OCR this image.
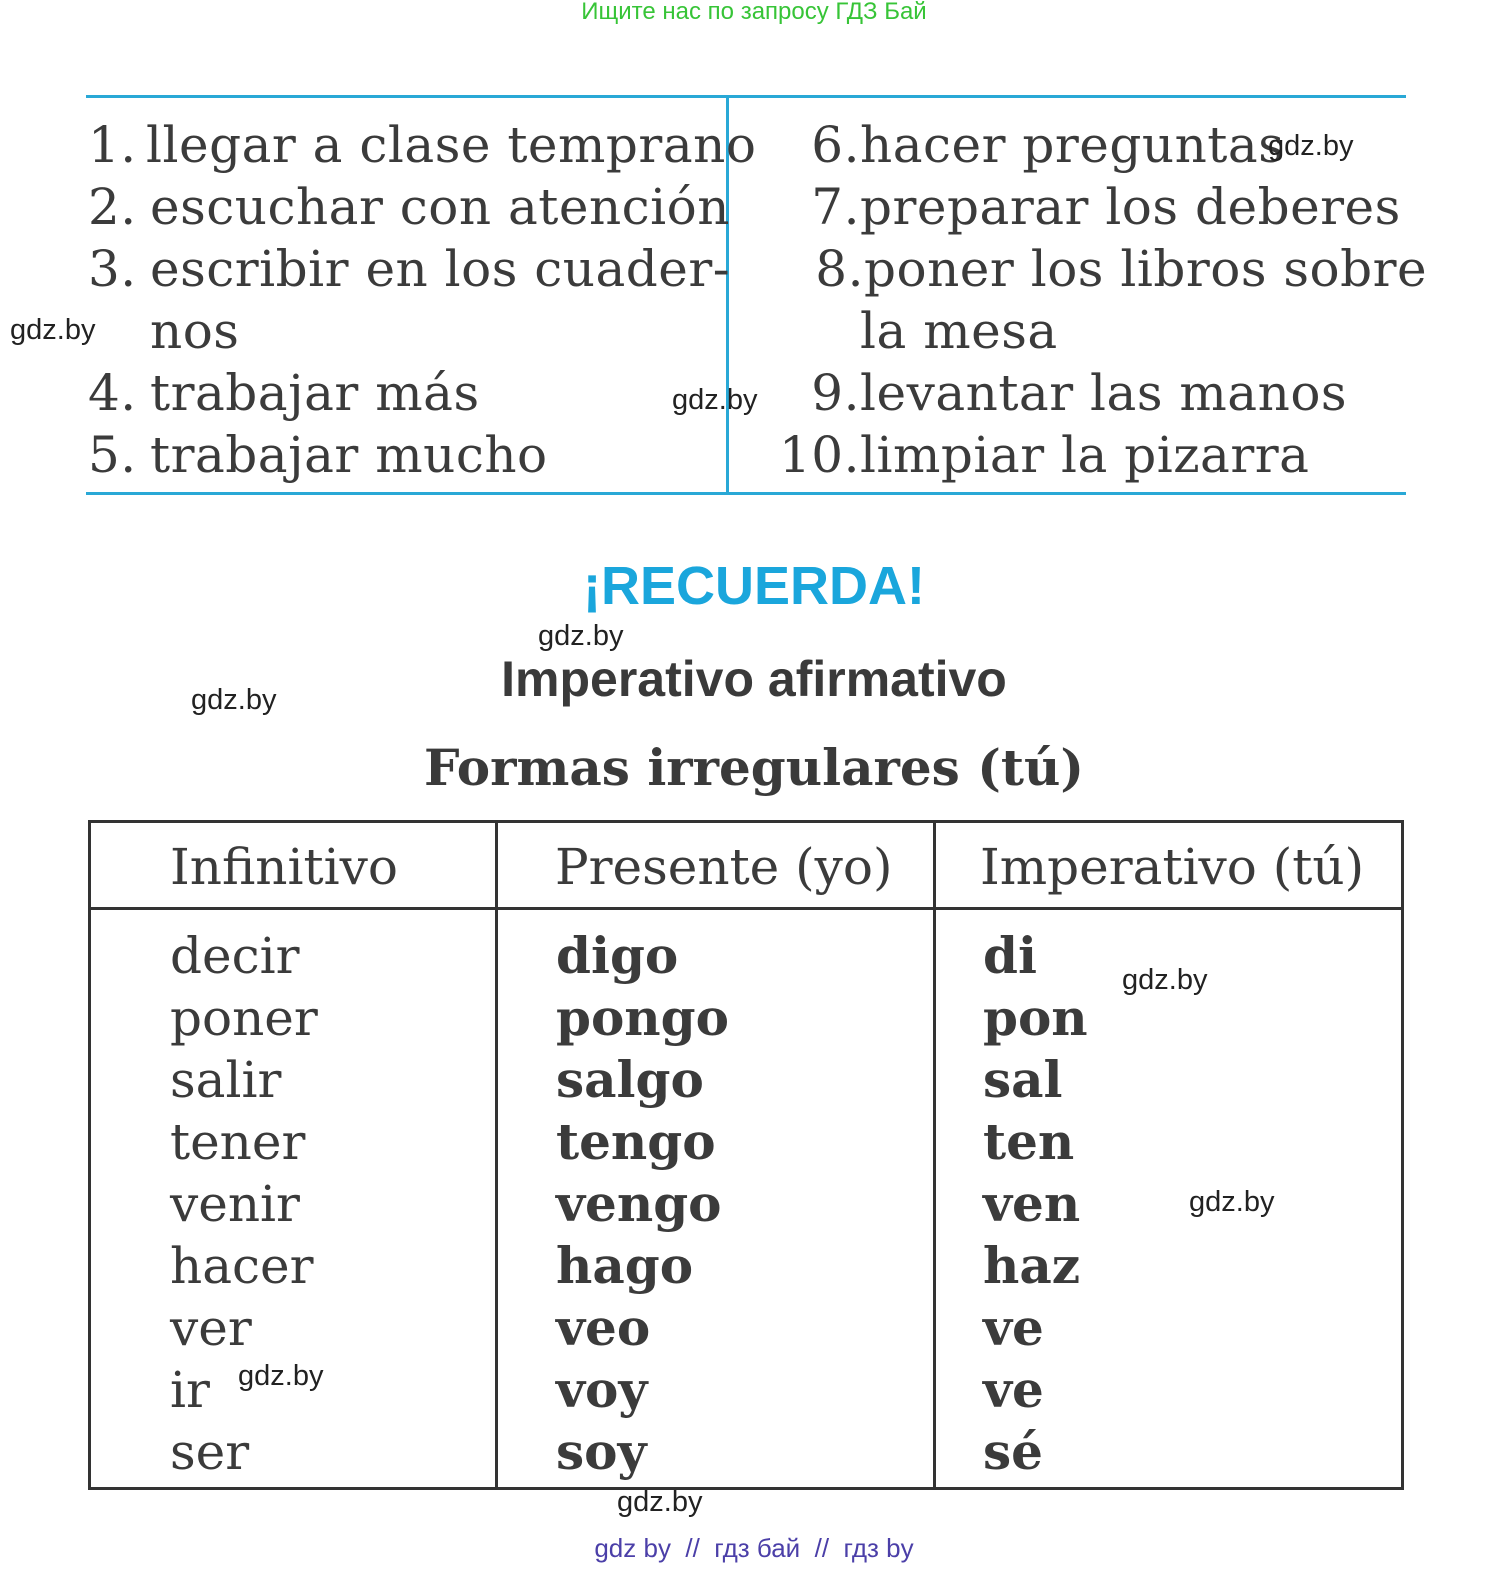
Ищите нас по запросу ГДЗ Бай
1. llegar a clase temprano
2. escuchar con atención
3. escribir en los cuader-
nos
4. trabajar más
5. trabajar mucho
6.hacer preguntas
7.preparar los deberes
8.poner los libros sobre
la mesa
9.levantar las manos
10.limpiar la pizarra
¡RECUERDA!
Imperativo afirmativo
Formas irregulares (tú)
Infinitivo	Presente (yo) Imperativo (tú)
decir
poner
salir
tener
venir
hacer
ver
ir
ser
digo
pongo
salgo
tengo
vengo
hago
veo
voy
soy
di
pon
sal
ten
ven
haz
ve
ve
sé
gdz.by
gdz.by
gdz.by
gdz.by
gdz.by
gdz.by
gdz.by
gdz.by
gdz.by
gdz by  //  гдз бай  //  гдз by
